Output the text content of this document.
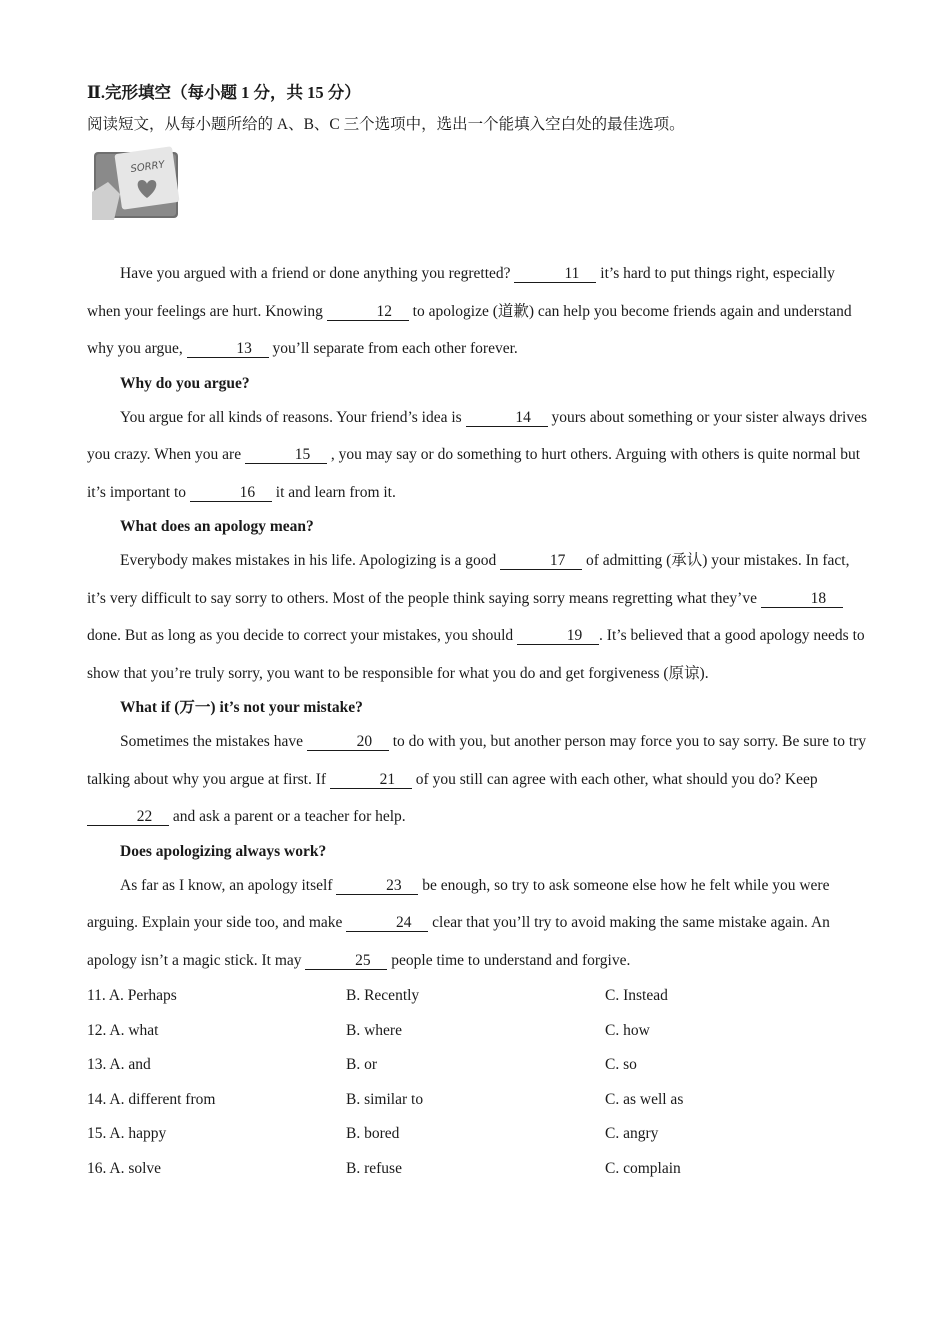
Ⅱ.完形填空（每小题 1 分，共 15 分）
阅读短文，从每小题所给的 A、B、C 三个选项中，选出一个能填入空白处的最佳选项。
SORRY

Have you argued with a friend or done anything you regretted?	11 it’s hard to put things right, especially when your feelings are hurt. Knowing	12 to apologize (道歉) can help you become friends again and understand why you argue,	13 you’ll separate from each other forever.

Why do you argue?

You argue for all kinds of reasons. Your friend’s idea is	14 yours about something or your sister always drives you crazy. When you are	15 , you may say or do something to hurt others. Arguing with others is quite normal but it’s important to	16 it and learn from it.

What does an apology mean?

Everybody makes mistakes in his life. Apologizing is a good	17 of admitting (承认) your mistakes. In fact, it’s very difficult to say sorry to others. Most of the people think saying sorry means regretting what they’ve	18 done. But as long as you decide to correct your mistakes, you should	19 . It’s believed that a good apology needs to show that you’re truly sorry, you want to be responsible for what you do and get forgiveness (原谅).

What if (万一) it’s not your mistake?

Sometimes the mistakes have	20 to do with you, but another person may force you to say sorry. Be sure to try talking about why you argue at first. If	21 of you still can agree with each other, what should you do? Keep 22 and ask a parent or a teacher for help.

Does apologizing always work?

As far as I know, an apology itself	23 be enough, so try to ask someone else how he felt while you were arguing. Explain your side too, and make	24 clear that you’ll try to avoid making the same mistake again. An apology isn’t a magic stick. It may	25 people time to understand and forgive.

11. A. Perhaps	B. Recently	C. Instead
12. A. what	B. where	C. how
13. A. and	B. or	C. so
14. A. different from	B. similar to	C. as well as
15. A. happy	B. bored	C. angry
16. A. solve	B. refuse	C. complain
